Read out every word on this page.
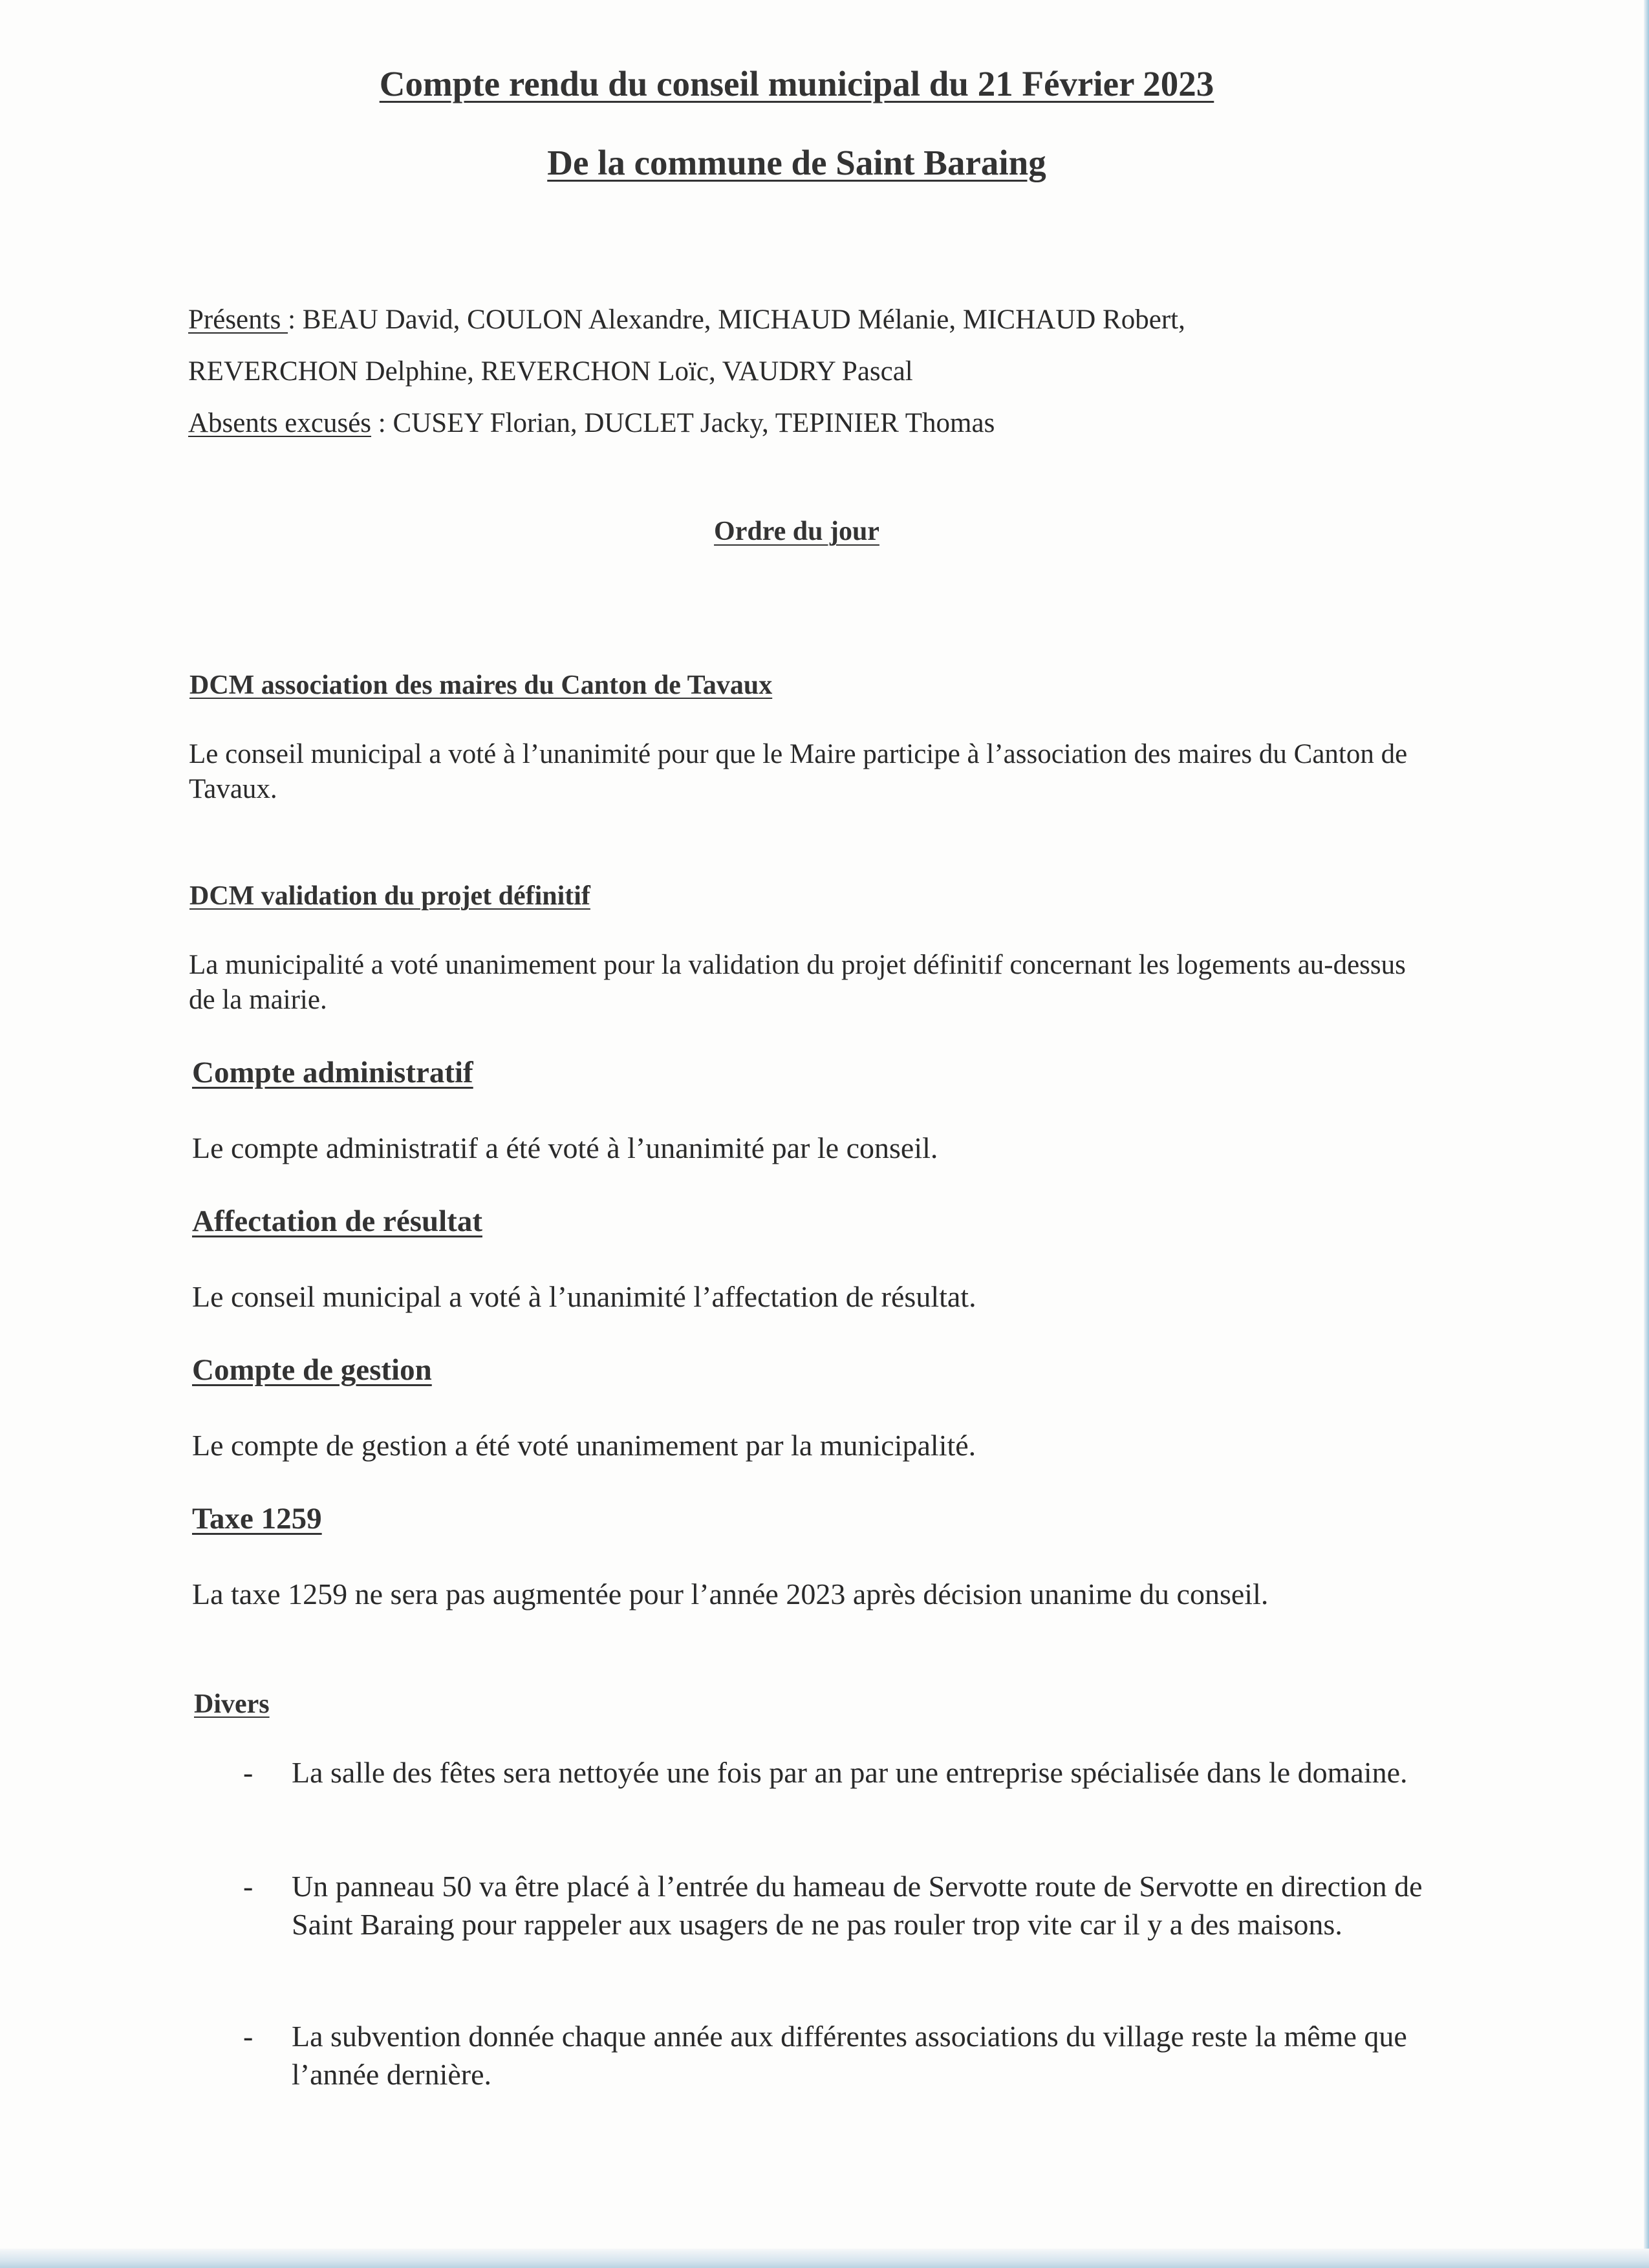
Compte rendu du conseil municipal du 21 Février 2023
De la commune de Saint Baraing
Présents : BEAU David, COULON Alexandre, MICHAUD Mélanie, MICHAUD Robert,
REVERCHON Delphine, REVERCHON Loïc, VAUDRY Pascal
Absents excusés : CUSEY Florian, DUCLET Jacky, TEPINIER Thomas
Ordre du jour
DCM association des maires du Canton de Tavaux

Le conseil municipal a voté à l’unanimité pour que le Maire participe à l’association des maires du Canton de Tavaux.

DCM validation du projet définitif

La municipalité a voté unanimement pour la validation du projet définitif concernant les logements au-dessus de la mairie.

Compte administratif

Le compte administratif a été voté à l’unanimité par le conseil.

Affectation de résultat

Le conseil municipal a voté à l’unanimité l’affectation de résultat.

Compte de gestion

Le compte de gestion a été voté unanimement par la municipalité.

Taxe 1259

La taxe 1259 ne sera pas augmentée pour l’année 2023 après décision unanime du conseil.

Divers
-	La salle des fêtes sera nettoyée une fois par an par une entreprise spécialisée dans le domaine.
-	Un panneau 50 va être placé à l’entrée du hameau de Servotte route de Servotte en direction de Saint Baraing pour rappeler aux usagers de ne pas rouler trop vite car il y a des maisons.
-	La subvention donnée chaque année aux différentes associations du village reste la même que l’année dernière.
